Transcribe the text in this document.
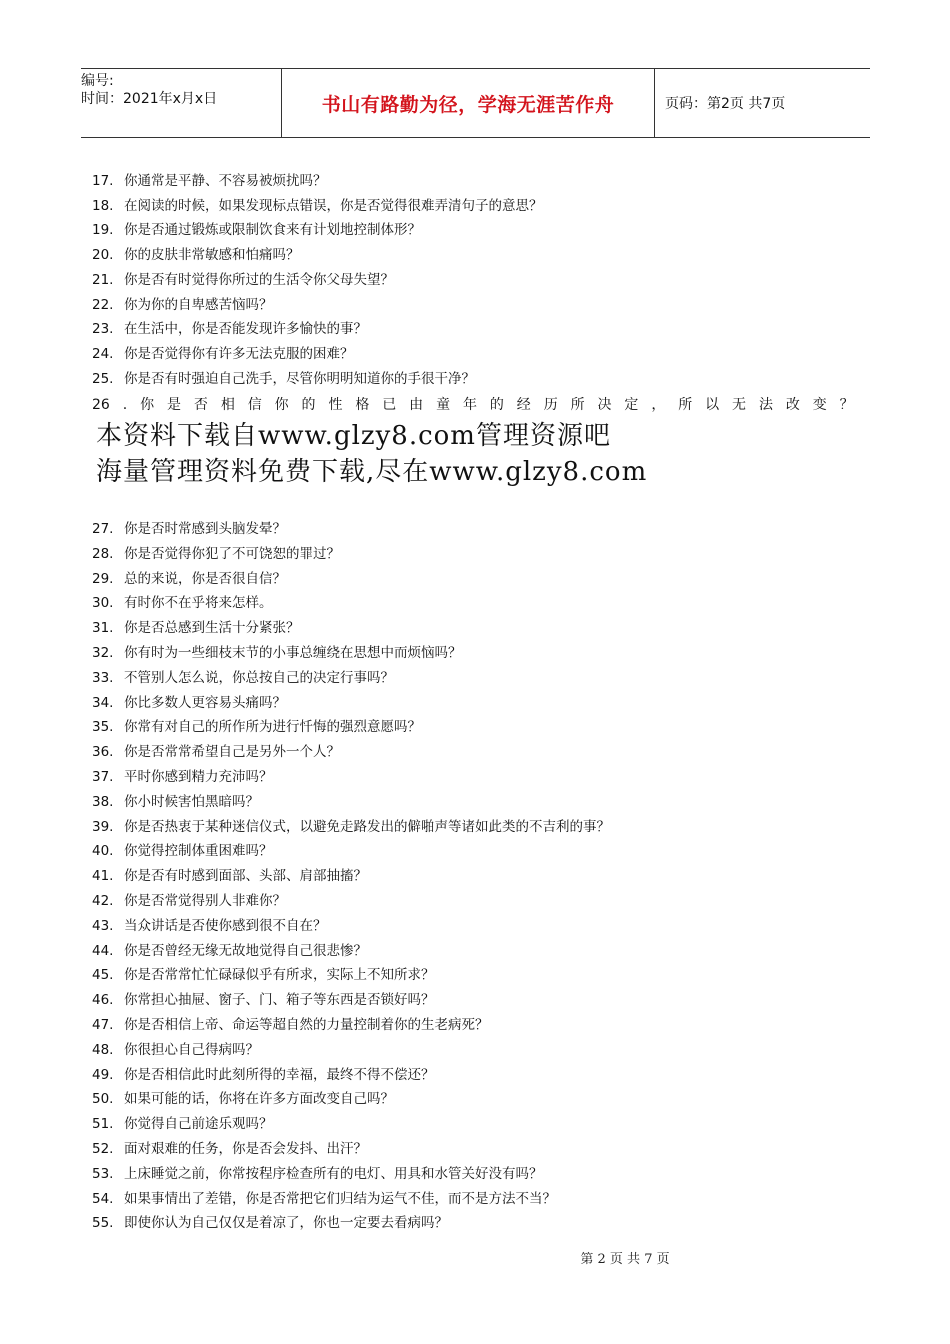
编号:
时间：2021年x月x日	书山有路勤为径，学海无涯苦作舟	页码：第2页 共7页
17. 你通常是平静、不容易被烦扰吗？
18. 在阅读的时候，如果发现标点错误，你是否觉得很难弄清句子的意思？
19. 你是否通过锻炼或限制饮食来有计划地控制体形？
20. 你的皮肤非常敏感和怕痛吗？
21. 你是否有时觉得你所过的生活令你父母失望？
22. 你为你的自卑感苦恼吗？
23. 在生活中，你是否能发现许多愉快的事？
24. 你是否觉得你有许多无法克服的困难？
25. 你是否有时强迫自己洗手，尽管你明明知道你的手很干净？
26 . 你 是 否 相 信 你 的 性 格 已 由 童 年 的 经 历 所 决 定 ， 所 以 无 法 改 变 ？
本资料下载自www.glzy8.com管理资源吧
海量管理资料免费下载,尽在www.glzy8.com
27. 你是否时常感到头脑发晕？
28. 你是否觉得你犯了不可饶恕的罪过？
29. 总的来说，你是否很自信？
30. 有时你不在乎将来怎样。
31. 你是否总感到生活十分紧张？
32. 你有时为一些细枝末节的小事总缠绕在思想中而烦恼吗？
33. 不管别人怎么说，你总按自己的决定行事吗？
34. 你比多数人更容易头痛吗？
35. 你常有对自己的所作所为进行忏悔的强烈意愿吗？
36. 你是否常常希望自己是另外一个人？
37. 平时你感到精力充沛吗？
38. 你小时候害怕黑暗吗？
39. 你是否热衷于某种迷信仪式，以避免走路发出的僻啪声等诸如此类的不吉利的事？
40. 你觉得控制体重困难吗？
41. 你是否有时感到面部、头部、肩部抽搐？
42. 你是否常觉得别人非难你？
43. 当众讲话是否使你感到很不自在？
44. 你是否曾经无缘无故地觉得自己很悲惨？
45. 你是否常常忙忙碌碌似乎有所求，实际上不知所求？
46. 你常担心抽屉、窗子、门、箱子等东西是否锁好吗？
47. 你是否相信上帝、命运等超自然的力量控制着你的生老病死？
48. 你很担心自己得病吗？
49. 你是否相信此时此刻所得的幸福，最终不得不偿还？
50. 如果可能的话，你将在许多方面改变自己吗？
51. 你觉得自己前途乐观吗？
52. 面对艰难的任务，你是否会发抖、出汗？
53. 上床睡觉之前，你常按程序检查所有的电灯、用具和水管关好没有吗？
54. 如果事情出了差错，你是否常把它们归结为运气不佳，而不是方法不当？
55. 即使你认为自己仅仅是着凉了，你也一定要去看病吗？
第 2 页 共 7 页
